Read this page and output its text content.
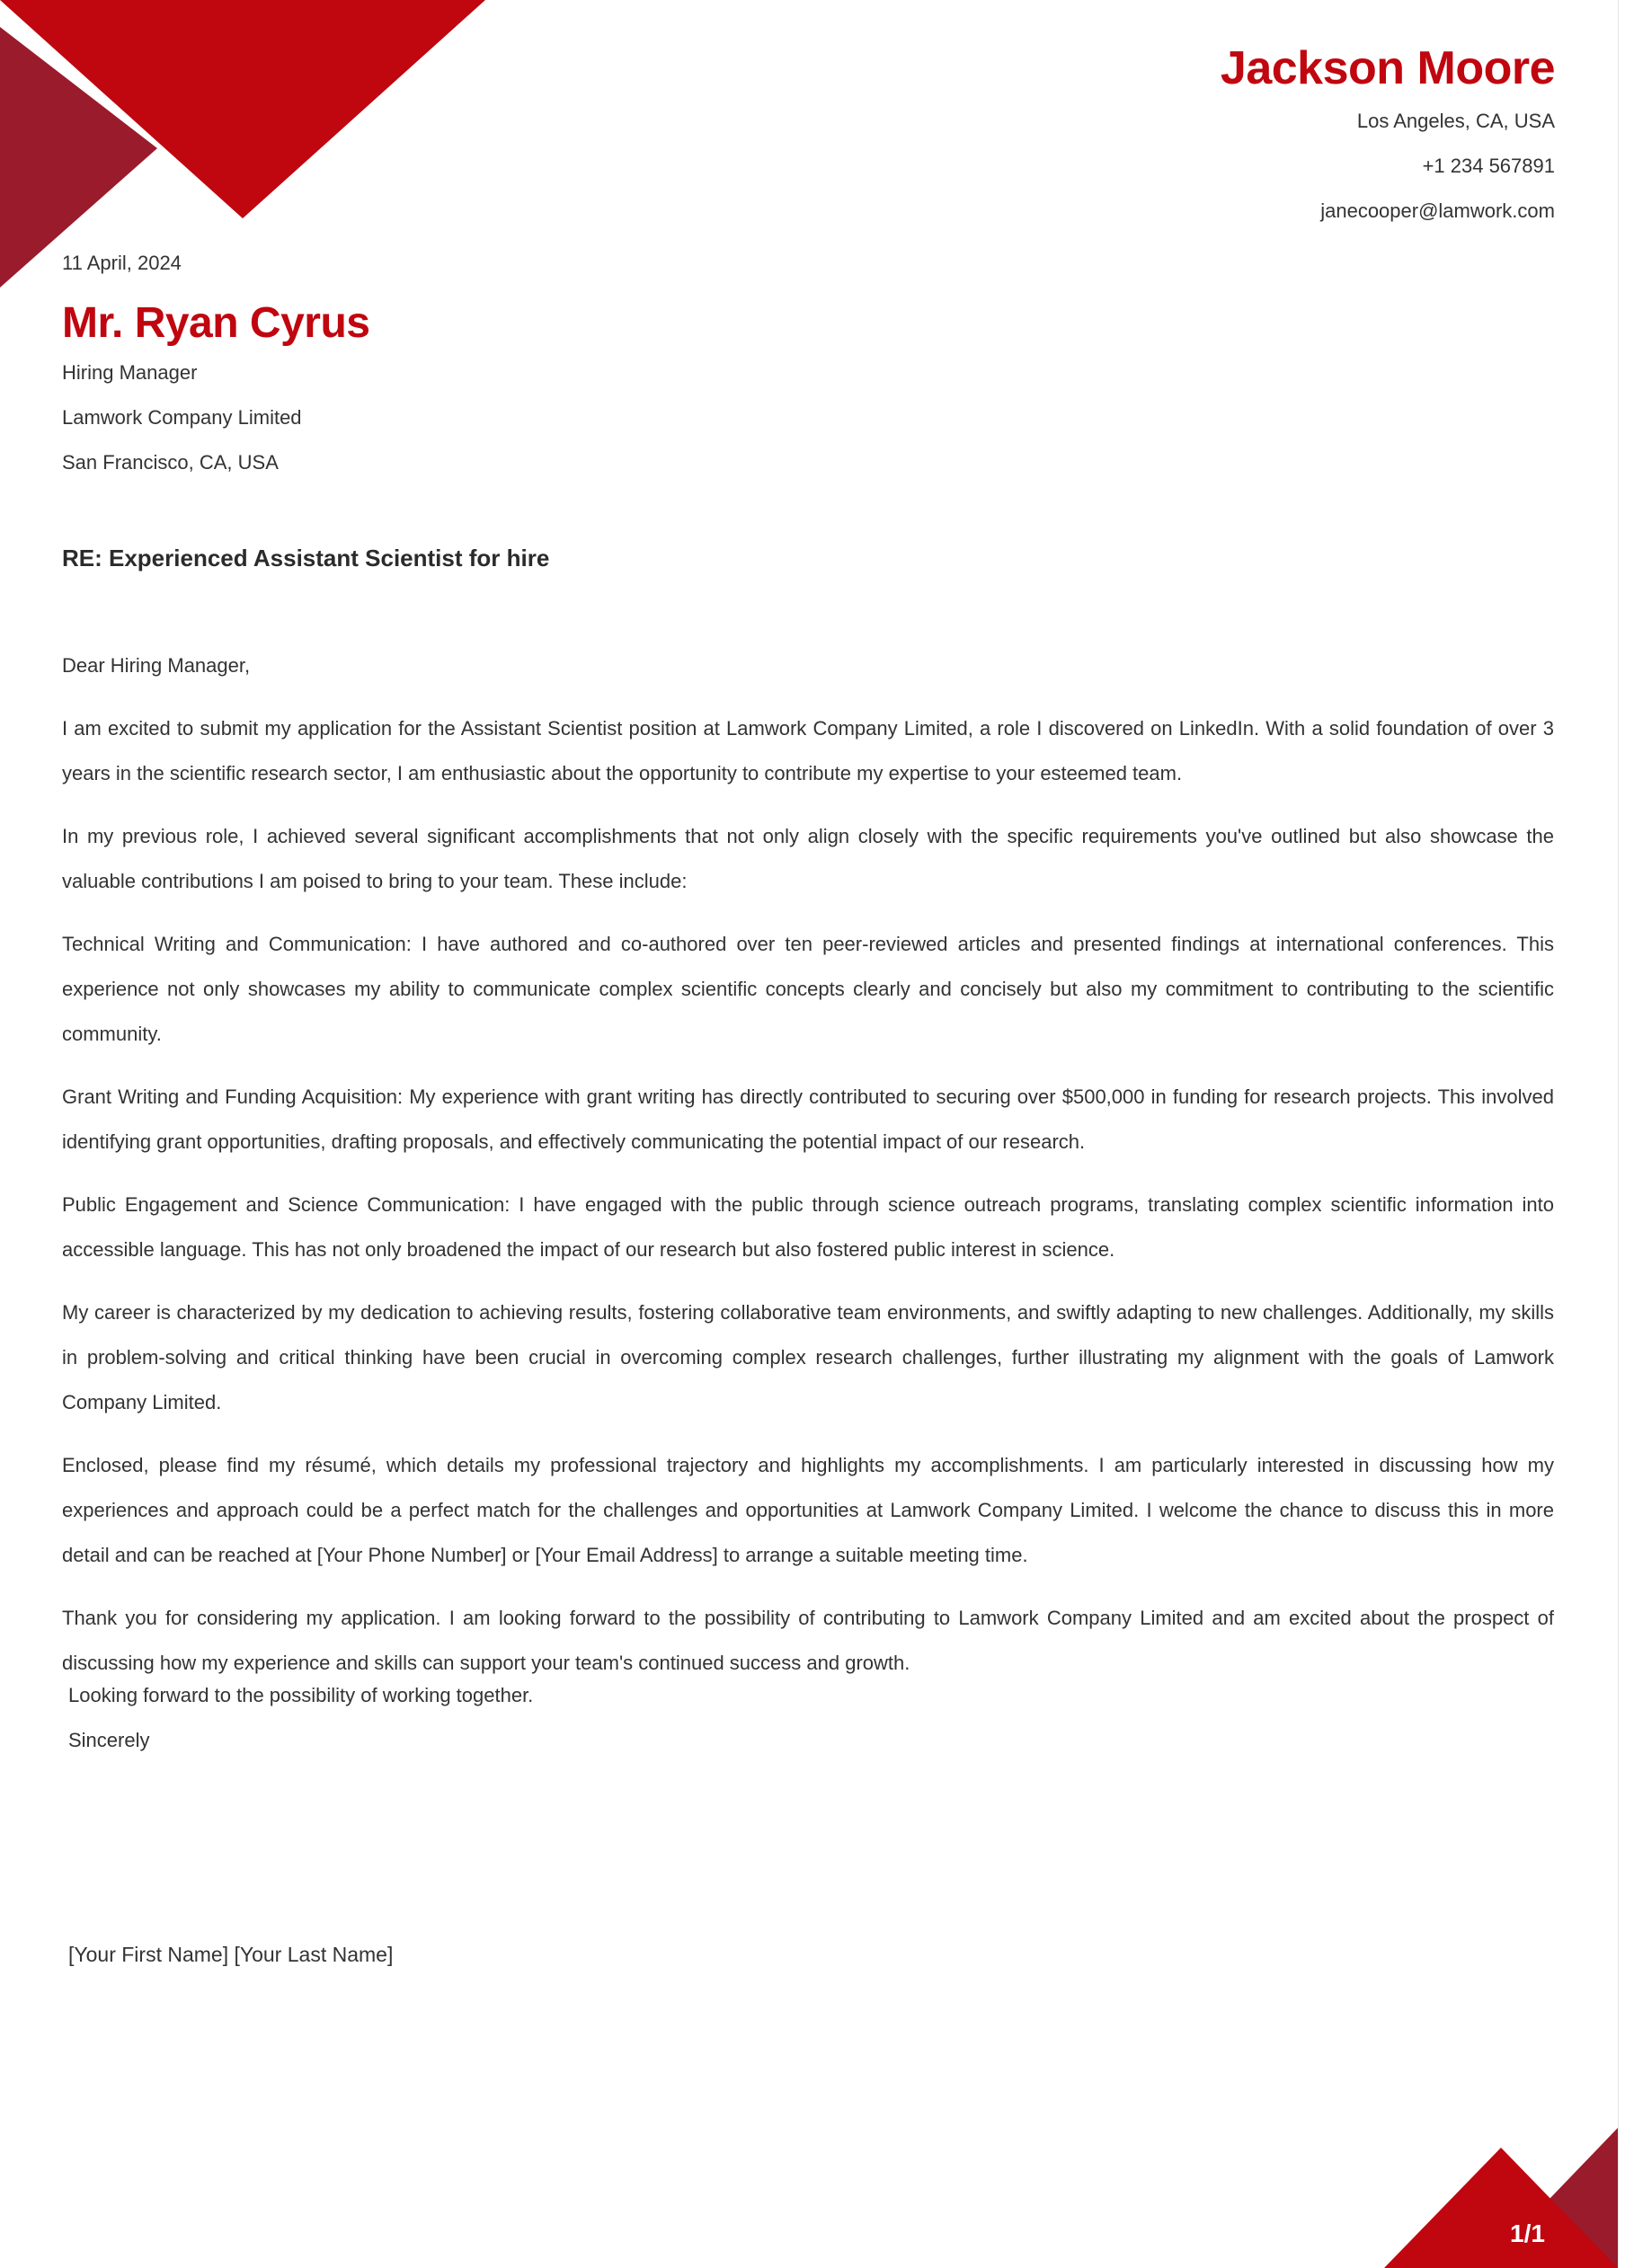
Jackson Moore
Los Angeles, CA, USA
+1 234 567891
janecooper@lamwork.com
11 April, 2024
Mr. Ryan Cyrus
Hiring Manager
Lamwork Company Limited
San Francisco, CA, USA
RE: Experienced Assistant Scientist for hire

Dear Hiring Manager,

I am excited to submit my application for the Assistant Scientist position at Lamwork Company Limited, a role I discovered on LinkedIn. With a solid foundation of over 3 years in the scientific research sector, I am enthusiastic about the opportunity to contribute my expertise to your esteemed team.

In my previous role, I achieved several significant accomplishments that not only align closely with the specific requirements you've outlined but also showcase the valuable contributions I am poised to bring to your team. These include:

Technical Writing and Communication: I have authored and co-authored over ten peer-reviewed articles and presented findings at international conferences. This experience not only showcases my ability to communicate complex scientific concepts clearly and concisely but also my commitment to contributing to the scientific community.

Grant Writing and Funding Acquisition: My experience with grant writing has directly contributed to securing over $500,000 in funding for research projects. This involved identifying grant opportunities, drafting proposals, and effectively communicating the potential impact of our research.

Public Engagement and Science Communication: I have engaged with the public through science outreach programs, translating complex scientific information into accessible language. This has not only broadened the impact of our research but also fostered public interest in science.

My career is characterized by my dedication to achieving results, fostering collaborative team environments, and swiftly adapting to new challenges. Additionally, my skills in problem-solving and critical thinking have been crucial in overcoming complex research challenges, further illustrating my alignment with the goals of Lamwork Company Limited.

Enclosed, please find my résumé, which details my professional trajectory and highlights my accomplishments. I am particularly interested in discussing how my experiences and approach could be a perfect match for the challenges and opportunities at Lamwork Company Limited. I welcome the chance to discuss this in more detail and can be reached at [Your Phone Number] or [Your Email Address] to arrange a suitable meeting time.

Thank you for considering my application. I am looking forward to the possibility of contributing to Lamwork Company Limited and am excited about the prospect of discussing how my experience and skills can support your team's continued success and growth.

Looking forward to the possibility of working together.
Sincerely
[Your First Name] [Your Last Name]
1/1
